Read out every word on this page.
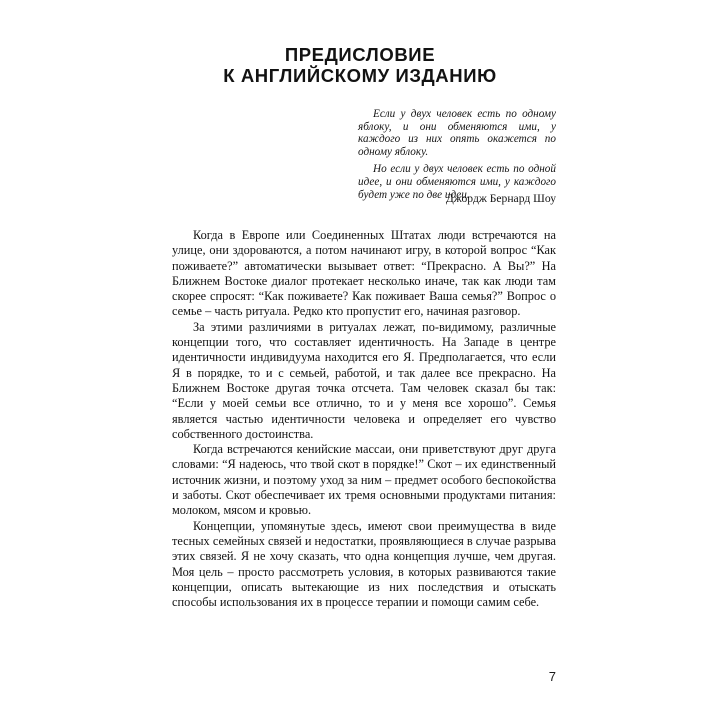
ПРЕДИСЛОВИЕ
К АНГЛИЙСКОМУ ИЗДАНИЮ

Если у двух человек есть по одному яблоку, и они обменяются ими, у каждого из них опять окажется по одному яблоку.

Но если у двух человек есть по одной идее, и они обменяются ими, у каждого будет уже по две идеи.

Джордж Бернард Шоу

Когда в Европе или Соединенных Штатах люди встречаются на улице, они здороваются, а потом начинают игру, в которой вопрос “Как поживаете?” автоматически вызывает ответ: “Прекрасно. А Вы?” На Ближнем Востоке диалог протекает несколько иначе, так как люди там скорее спросят: “Как поживаете? Как поживает Ваша семья?” Вопрос о семье – часть ритуала. Редко кто пропустит его, начиная разговор.

За этими различиями в ритуалах лежат, по-видимому, различные концепции того, что составляет идентичность. На Западе в центре идентичности индивидуума находится его Я. Предполагается, что если Я в порядке, то и с семьей, работой, и так далее все прекрасно. На Ближнем Востоке другая точка отсчета. Там человек сказал бы так: “Если у моей семьи все отлично, то и у меня все хорошо”. Семья является частью идентичности человека и определяет его чувство собственного достоинства.

Когда встречаются кенийские массаи, они приветствуют друг друга словами: “Я надеюсь, что твой скот в порядке!” Скот – их единственный источник жизни, и поэтому уход за ним – предмет особого беспокойства и заботы. Скот обеспечивает их тремя основными продуктами питания: молоком, мясом и кровью.

Концепции, упомянутые здесь, имеют свои преимущества в виде тесных семейных связей и недостатки, проявляющиеся в случае разрыва этих связей. Я не хочу сказать, что одна концепция лучше, чем другая. Моя цель – просто рассмотреть условия, в которых развиваются такие концепции, описать вытекающие из них последствия и отыскать способы использования их в процессе терапии и помощи самим себе.

7
